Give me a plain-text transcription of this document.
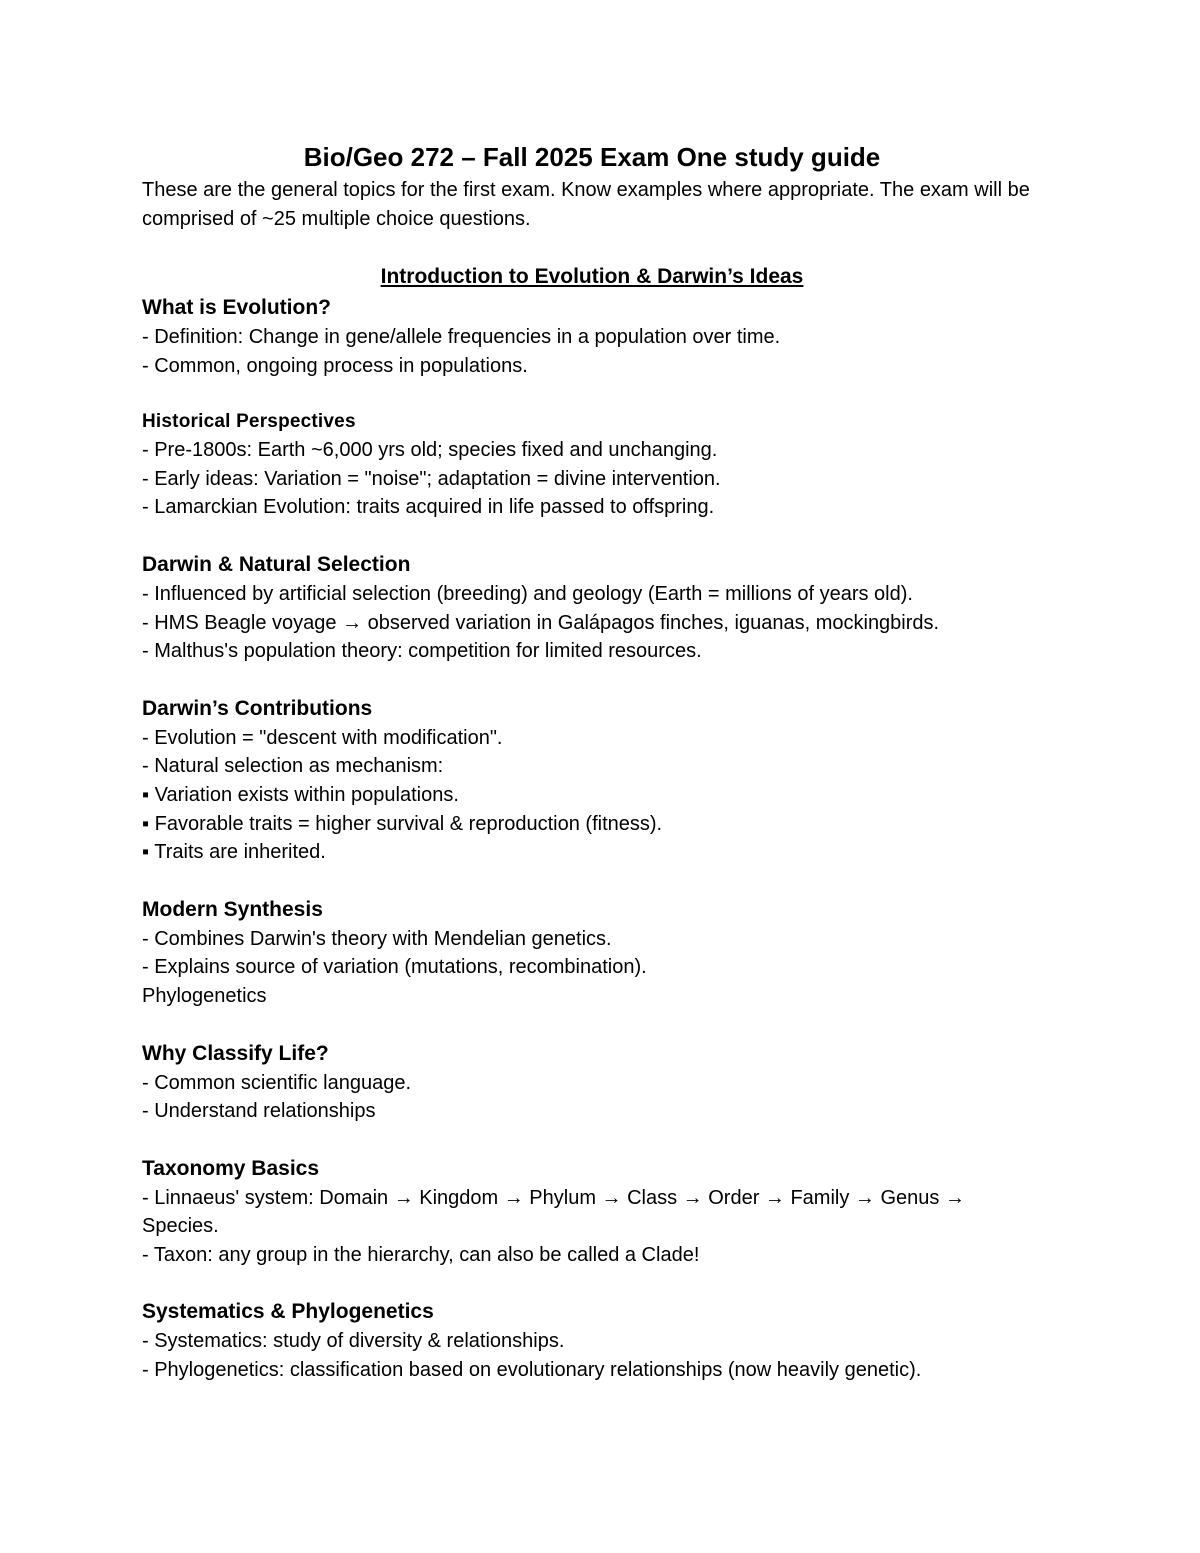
Bio/Geo 272 – Fall 2025 Exam One study guide

These are the general topics for the first exam. Know examples where appropriate. The exam will be comprised of ~25 multiple choice questions.

Introduction to Evolution & Darwin’s Ideas
What is Evolution?

- Definition: Change in gene/allele frequencies in a population over time.

- Common, ongoing process in populations.

Historical Perspectives

- Pre-1800s: Earth ~6,000 yrs old; species fixed and unchanging.

- Early ideas: Variation = "noise"; adaptation = divine intervention.

- Lamarckian Evolution: traits acquired in life passed to offspring.

Darwin & Natural Selection

- Influenced by artificial selection (breeding) and geology (Earth = millions of years old).

- HMS Beagle voyage → observed variation in Galápagos finches, iguanas, mockingbirds.

- Malthus's population theory: competition for limited resources.

Darwin’s Contributions

- Evolution = "descent with modification".

- Natural selection as mechanism:

▪ Variation exists within populations.

▪ Favorable traits = higher survival & reproduction (fitness).

▪ Traits are inherited.

Modern Synthesis

- Combines Darwin's theory with Mendelian genetics.

- Explains source of variation (mutations, recombination).

Phylogenetics

Why Classify Life?

- Common scientific language.

- Understand relationships

Taxonomy Basics

- Linnaeus' system: Domain → Kingdom → Phylum → Class → Order → Family → Genus → Species.

- Taxon: any group in the hierarchy, can also be called a Clade!

Systematics & Phylogenetics

- Systematics: study of diversity & relationships.

- Phylogenetics: classification based on evolutionary relationships (now heavily genetic).
